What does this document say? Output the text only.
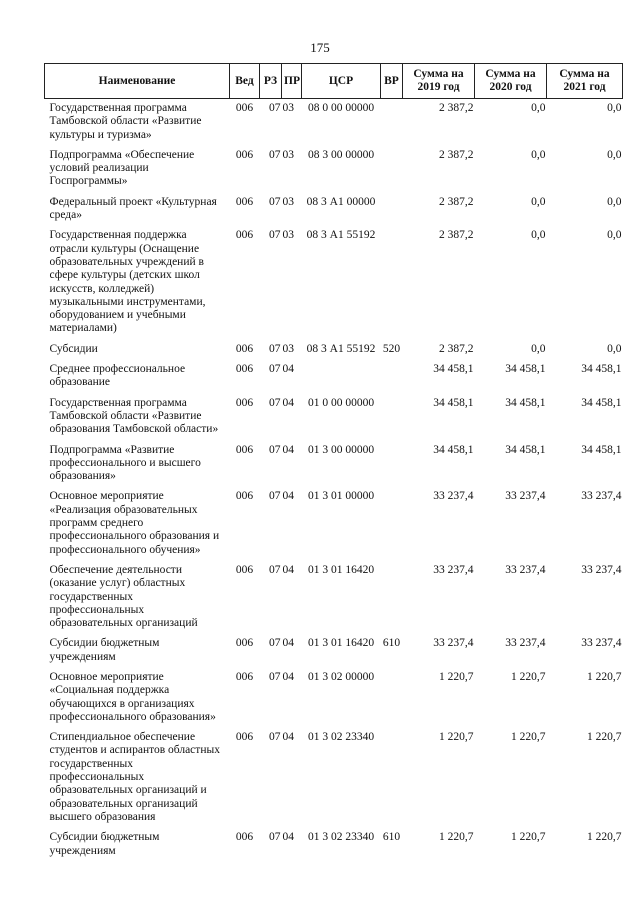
175
Наименование	Вед	РЗ	ПР	ЦСР	ВР	Сумма на 2019 год	Сумма на 2020 год	Сумма на 2021 год
Государственная программа Тамбовской области «Развитие культуры и туризма»	006	07	03	08 0 00 00000		2 387,2	0,0	0,0
Подпрограмма «Обеспечение условий реализации Госпрограммы»	006	07	03	08 3 00 00000		2 387,2	0,0	0,0
Федеральный проект «Культурная среда»	006	07	03	08 3 А1 00000		2 387,2	0,0	0,0
Государственная поддержка отрасли культуры (Оснащение образовательных учреждений в сфере культуры (детских школ искусств, колледжей) музыкальными инструментами, оборудованием и учебными материалами)	006	07	03	08 3 А1 55192		2 387,2	0,0	0,0
Субсидии	006	07	03	08 3 А1 55192	520	2 387,2	0,0	0,0
Среднее профессиональное образование	006	07	04			34 458,1	34 458,1	34 458,1
Государственная программа Тамбовской области «Развитие образования Тамбовской области»	006	07	04	01 0 00 00000		34 458,1	34 458,1	34 458,1
Подпрограмма «Развитие профессионального и высшего образования»	006	07	04	01 3 00 00000		34 458,1	34 458,1	34 458,1
Основное мероприятие «Реализация образовательных программ среднего профессионального образования и профессионального обучения»	006	07	04	01 3 01 00000		33 237,4	33 237,4	33 237,4
Обеспечение деятельности (оказание услуг) областных государственных профессиональных образовательных организаций	006	07	04	01 3 01 16420		33 237,4	33 237,4	33 237,4
Субсидии бюджетным учреждениям	006	07	04	01 3 01 16420	610	33 237,4	33 237,4	33 237,4
Основное мероприятие «Социальная поддержка обучающихся в организациях профессионального образования»	006	07	04	01 3 02 00000		1 220,7	1 220,7	1 220,7
Стипендиальное обеспечение студентов и аспирантов областных государственных профессиональных образовательных организаций и образовательных организаций высшего образования	006	07	04	01 3 02 23340		1 220,7	1 220,7	1 220,7
Субсидии бюджетным учреждениям	006	07	04	01 3 02 23340	610	1 220,7	1 220,7	1 220,7
